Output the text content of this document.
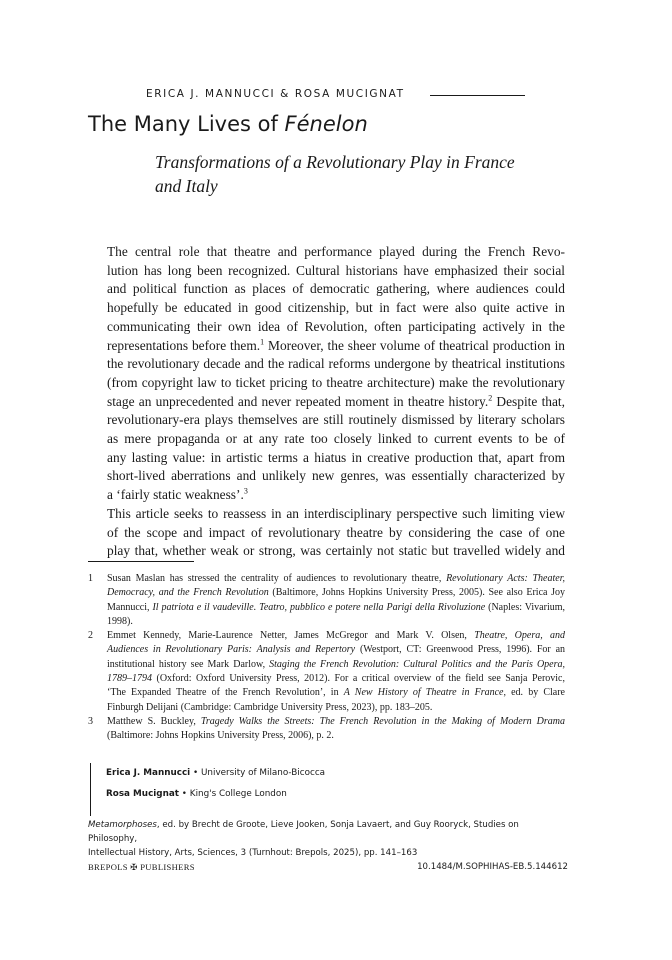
ERICA J. MANNUCCI & ROSA MUCIGNAT
The Many Lives of Fénelon
Transformations of a Revolutionary Play in France
and Italy

The central role that theatre and performance played during the French Revo-
lution has long been recognized. Cultural historians have emphasized their social
and political function as places of democratic gathering, where audiences could
hopefully be educated in good citizenship, but in fact were also quite active in
communicating their own idea of Revolution, often participating actively in the
representations before them.$^1$ Moreover, the sheer volume of theatrical production in
the revolutionary decade and the radical reforms undergone by theatrical institutions
(from copyright law to ticket pricing to theatre architecture) make the revolutionary
stage an unprecedented and never repeated moment in theatre history.$^2$ Despite that,
revolutionary-era plays themselves are still routinely dismissed by literary scholars
as mere propaganda or at any rate too closely linked to current events to be of
any lasting value: in artistic terms a hiatus in creative production that, apart from
short-lived aberrations and unlikely new genres, was essentially characterized by
a ‘fairly static weakness’.$^3$

This article seeks to reassess in an interdisciplinary perspective such limiting view
of the scope and impact of revolutionary theatre by considering the case of one
play that, whether weak or strong, was certainly not static but travelled widely and

1 Susan Maslan has stressed the centrality of audiences to revolutionary theatre, Revolutionary Acts: Theater,
Democracy, and the French Revolution (Baltimore, Johns Hopkins University Press, 2005). See also Erica Joy
Mannucci, Il patriota e il vaudeville. Teatro, pubblico e potere nella Parigi della Rivoluzione (Naples: Vivarium,
1998).
2 Emmet Kennedy, Marie-Laurence Netter, James McGregor and Mark V. Olsen, Theatre, Opera, and
Audiences in Revolutionary Paris: Analysis and Repertory (Westport, CT: Greenwood Press, 1996). For an
institutional history see Mark Darlow, Staging the French Revolution: Cultural Politics and the Paris Opera,
1789–1794 (Oxford: Oxford University Press, 2012). For a critical overview of the field see Sanja Perovic,
‘The Expanded Theatre of the French Revolution’, in A New History of Theatre in France, ed. by Clare
Finburgh Delijani (Cambridge: Cambridge University Press, 2023), pp. 183–205.
3 Matthew S. Buckley, Tragedy Walks the Streets: The French Revolution in the Making of Modern Drama
(Baltimore: Johns Hopkins University Press, 2006), p. 2.
Erica J. Mannucci • University of Milano-Bicocca
Rosa Mucignat • King's College London
Metamorphoses, ed. by Brecht de Groote, Lieve Jooken, Sonja Lavaert, and Guy Rooryck, Studies on Philosophy,
Intellectual History, Arts, Sciences, 3 (Turnhout: Brepols, 2025), pp. 141–163
BREPOLS ✠ PUBLISHERS	10.1484/M.SOPHIHAS-EB.5.144612
